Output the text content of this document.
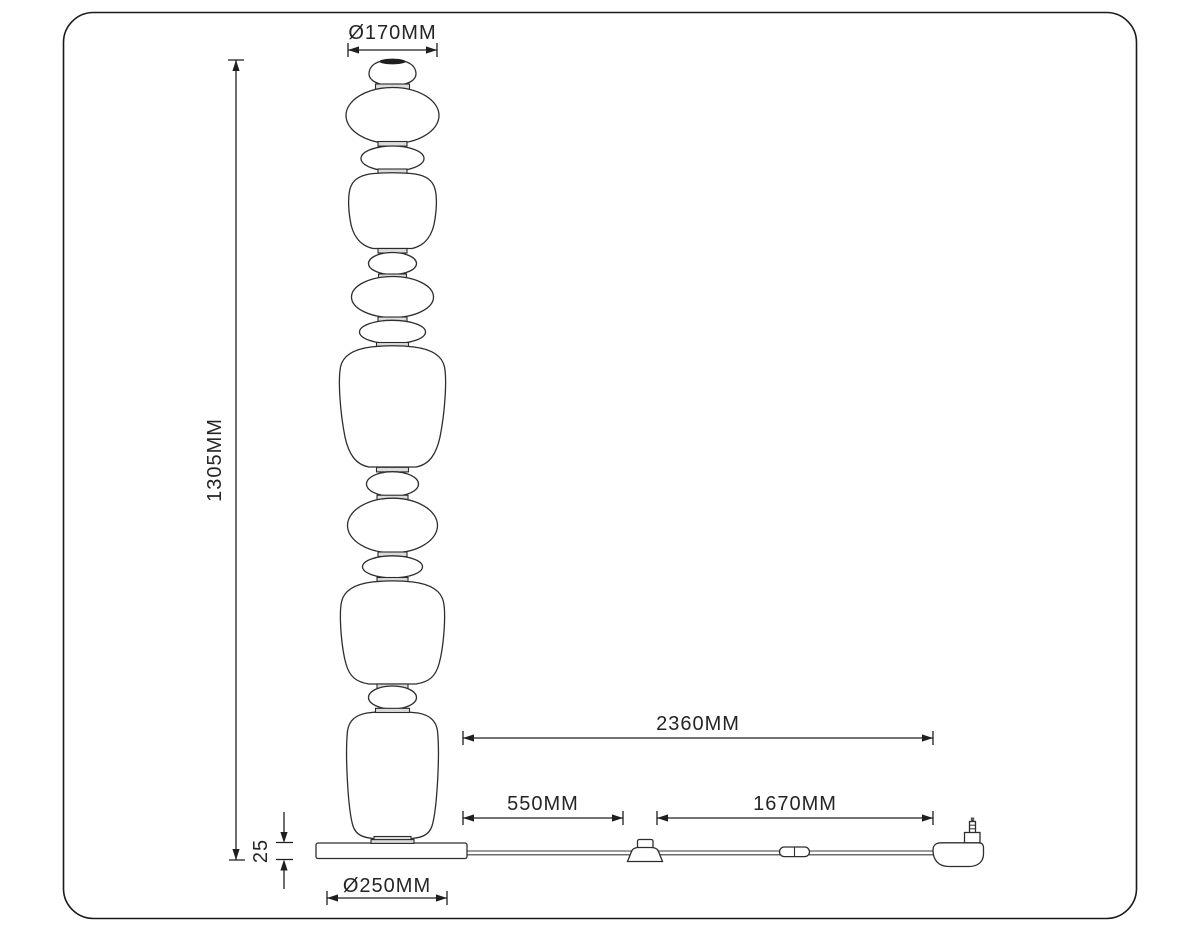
Ø170MM
1305MM
2360MM
550MM	1670MM
25
Ø250MM
